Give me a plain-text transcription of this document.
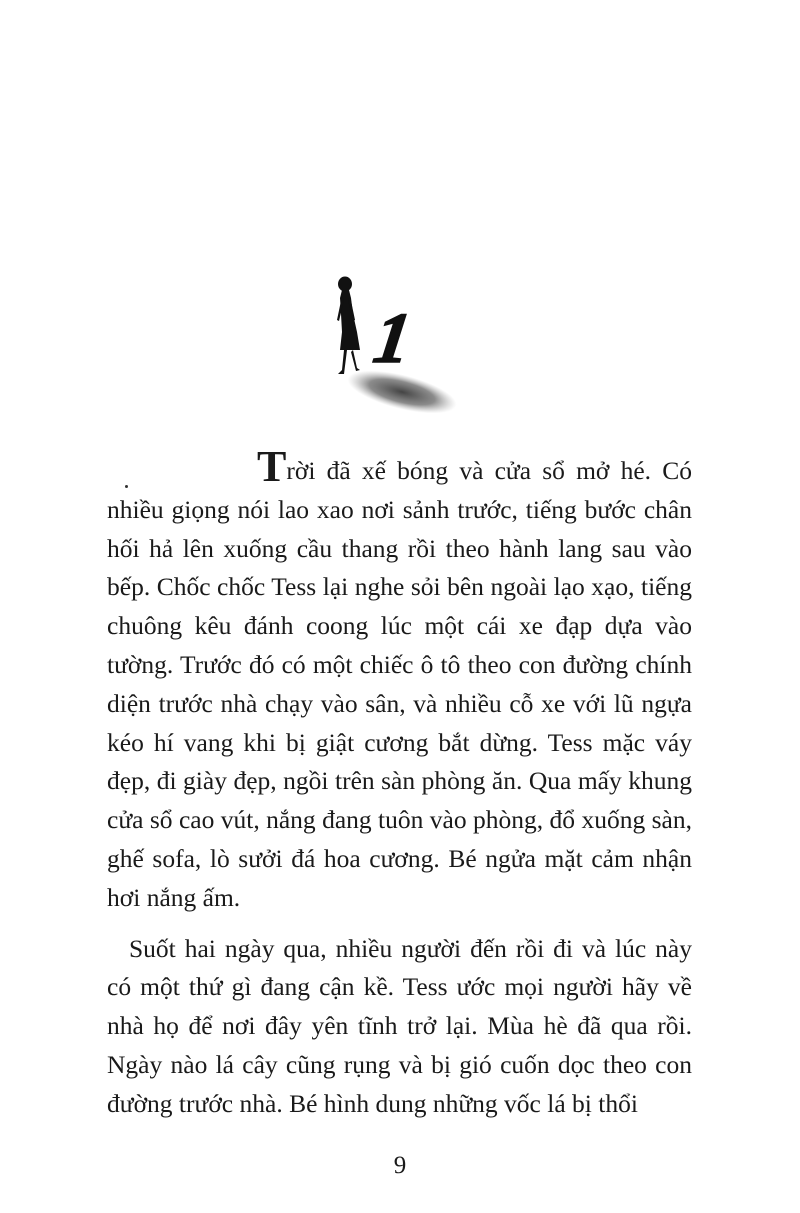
1

Trời đã xế bóng và cửa sổ mở hé. Có nhiều giọng nói lao xao nơi sảnh trước, tiếng bước chân hối hả lên xuống cầu thang rồi theo hành lang sau vào bếp. Chốc chốc Tess lại nghe sỏi bên ngoài lạo xạo, tiếng chuông kêu đánh coong lúc một cái xe đạp dựa vào tường. Trước đó có một chiếc ô tô theo con đường chính diện trước nhà chạy vào sân, và nhiều cỗ xe với lũ ngựa kéo hí vang khi bị giật cương bắt dừng. Tess mặc váy đẹp, đi giày đẹp, ngồi trên sàn phòng ăn. Qua mấy khung cửa sổ cao vút, nắng đang tuôn vào phòng, đổ xuống sàn, ghế sofa, lò sưởi đá hoa cương. Bé ngửa mặt cảm nhận hơi nắng ấm.

Suốt hai ngày qua, nhiều người đến rồi đi và lúc này có một thứ gì đang cận kề. Tess ước mọi người hãy về nhà họ để nơi đây yên tĩnh trở lại. Mùa hè đã qua rồi. Ngày nào lá cây cũng rụng và bị gió cuốn dọc theo con đường trước nhà. Bé hình dung những vốc lá bị thổi

9
